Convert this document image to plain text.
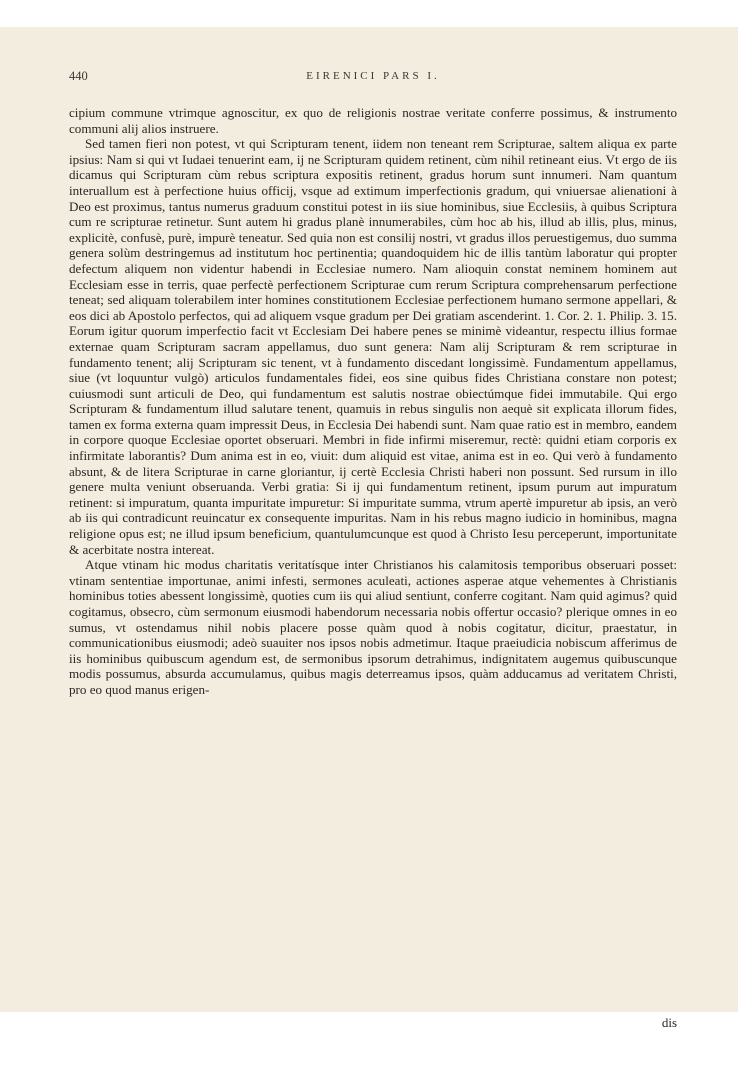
440	EIRENICI PARS I.

cipium commune vtrimque agnoscitur, ex quo de religionis nostrae veritate conferre possimus, & instrumento communi alij alios instruere.

Sed tamen fieri non potest, vt qui Scripturam tenent, iidem non teneant rem Scripturae, saltem aliqua ex parte ipsius: Nam si qui vt Iudaei tenuerint eam, ij ne Scripturam quidem retinent, cùm nihil retineant eius. Vt ergo de iis dicamus qui Scripturam cùm rebus scriptura expositis retinent, gradus horum sunt innumeri. Nam quantum interuallum est à perfectione huius officij, vsque ad extimum imperfectionis gradum, qui vniuersae alienationi à Deo est proximus, tantus numerus graduum constitui potest in iis siue hominibus, siue Ecclesiis, à quibus Scriptura cum re scripturae retinetur. Sunt autem hi gradus planè innumerabiles, cùm hoc ab his, illud ab illis, plus, minus, explicitè, confusè, purè, impurè teneatur. Sed quia non est consilij nostri, vt gradus illos peruestigemus, duo summa genera solùm destringemus ad institutum hoc pertinentia; quandoquidem hic de illis tantùm laboratur qui propter defectum aliquem non videntur habendi in Ecclesiae numero. Nam alioquin constat neminem hominem aut Ecclesiam esse in terris, quae perfectè perfectionem Scripturae cum rerum Scriptura comprehensarum perfectione teneat; sed aliquam tolerabilem inter homines constitutionem Ecclesiae perfectionem humano sermone appellari, & eos dici ab Apostolo perfectos, qui ad aliquem vsque gradum per Dei gratiam ascenderint. 1. Cor. 2. 1. Philip. 3. 15. Eorum igitur quorum imperfectio facit vt Ecclesiam Dei habere penes se minimè videantur, respectu illius formae externae quam Scripturam sacram appellamus, duo sunt genera: Nam alij Scripturam & rem scripturae in fundamento tenent; alij Scripturam sic tenent, vt à fundamento discedant longissimè. Fundamentum appellamus, siue (vt loquuntur vulgò) articulos fundamentales fidei, eos sine quibus fides Christiana constare non potest; cuiusmodi sunt articuli de Deo, qui fundamentum est salutis nostrae obiectúmque fidei immutabile. Qui ergo Scripturam & fundamentum illud salutare tenent, quamuis in rebus singulis non aequè sit explicata illorum fides, tamen ex forma externa quam impressit Deus, in Ecclesia Dei habendi sunt. Nam quae ratio est in membro, eandem in corpore quoque Ecclesiae oportet obseruari. Membri in fide infirmi miseremur, rectè: quidni etiam corporis ex infirmitate laborantis? Dum anima est in eo, viuit: dum aliquid est vitae, anima est in eo. Qui verò à fundamento absunt, & de litera Scripturae in carne gloriantur, ij certè Ecclesia Christi haberi non possunt. Sed rursum in illo genere multa veniunt obseruanda. Verbi gratia: Si ij qui fundamentum retinent, ipsum purum aut impuratum retinent: si impuratum, quanta impuritate impuretur: Si impuritate summa, vtrum apertè impuretur ab ipsis, an verò ab iis qui contradicunt reuincatur ex consequente impuritas. Nam in his rebus magno iudicio in hominibus, magna religione opus est; ne illud ipsum beneficium, quantulumcunque est quod à Christo Iesu perceperunt, importunitate & acerbitate nostra intereat.

Atque vtinam hic modus charitatis veritatísque inter Christianos his calamitosis temporibus obseruari posset: vtinam sententiae importunae, animi infesti, sermones aculeati, actiones asperae atque vehementes à Christianis hominibus toties abessent longissimè, quoties cum iis qui aliud sentiunt, conferre cogitant. Nam quid agimus? quid cogitamus, obsecro, cùm sermonum eiusmodi habendorum necessaria nobis offertur occasio? plerique omnes in eo sumus, vt ostendamus nihil nobis placere posse quàm quod à nobis cogitatur, dicitur, praestatur, in communicationibus eiusmodi; adeò suauiter nos ipsos nobis admetimur. Itaque praeiudicia nobiscum afferimus de iis hominibus quibuscum agendum est, de sermonibus ipsorum detrahimus, indignitatem augemus quibuscunque modis possumus, absurda accumulamus, quibus magis deterreamus ipsos, quàm adducamus ad veritatem Christi, pro eo quod manus erigen-

dis
